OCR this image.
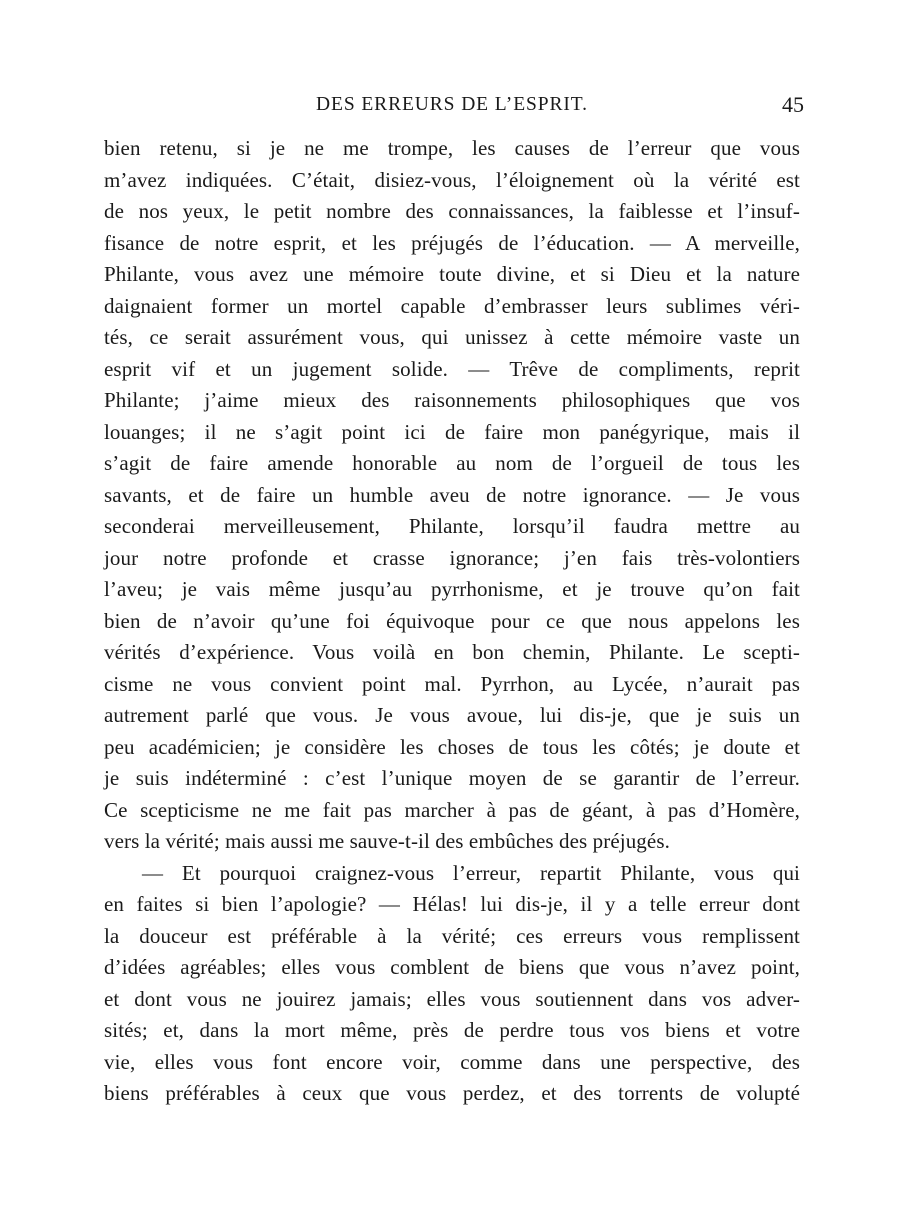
DES ERREURS DE L’ESPRIT.	45
bien retenu, si je ne me trompe, les causes de l’erreur que vous
m’avez indiquées. C’était, disiez-vous, l’éloignement où la vérité est
de nos yeux, le petit nombre des connaissances, la faiblesse et l’insuf-
fisance de notre esprit, et les préjugés de l’éducation. — A merveille,
Philante, vous avez une mémoire toute divine, et si Dieu et la nature
daignaient former un mortel capable d’embrasser leurs sublimes véri-
tés, ce serait assurément vous, qui unissez à cette mémoire vaste un
esprit vif et un jugement solide. — Trêve de compliments, reprit
Philante; j’aime mieux des raisonnements philosophiques que vos
louanges; il ne s’agit point ici de faire mon panégyrique, mais il
s’agit de faire amende honorable au nom de l’orgueil de tous les
savants, et de faire un humble aveu de notre ignorance. — Je vous
seconderai merveilleusement, Philante, lorsqu’il faudra mettre au
jour notre profonde et crasse ignorance; j’en fais très-volontiers
l’aveu; je vais même jusqu’au pyrrhonisme, et je trouve qu’on fait
bien de n’avoir qu’une foi équivoque pour ce que nous appelons les
vérités d’expérience. Vous voilà en bon chemin, Philante. Le scepti-
cisme ne vous convient point mal. Pyrrhon, au Lycée, n’aurait pas
autrement parlé que vous. Je vous avoue, lui dis-je, que je suis un
peu académicien; je considère les choses de tous les côtés; je doute et
je suis indéterminé : c’est l’unique moyen de se garantir de l’erreur.
Ce scepticisme ne me fait pas marcher à pas de géant, à pas d’Homère,
vers la vérité; mais aussi me sauve-t-il des embûches des préjugés.
— Et pourquoi craignez-vous l’erreur, repartit Philante, vous qui
en faites si bien l’apologie? — Hélas! lui dis-je, il y a telle erreur dont
la douceur est préférable à la vérité; ces erreurs vous remplissent
d’idées agréables; elles vous comblent de biens que vous n’avez point,
et dont vous ne jouirez jamais; elles vous soutiennent dans vos adver-
sités; et, dans la mort même, près de perdre tous vos biens et votre
vie, elles vous font encore voir, comme dans une perspective, des
biens préférables à ceux que vous perdez, et des torrents de volupté
